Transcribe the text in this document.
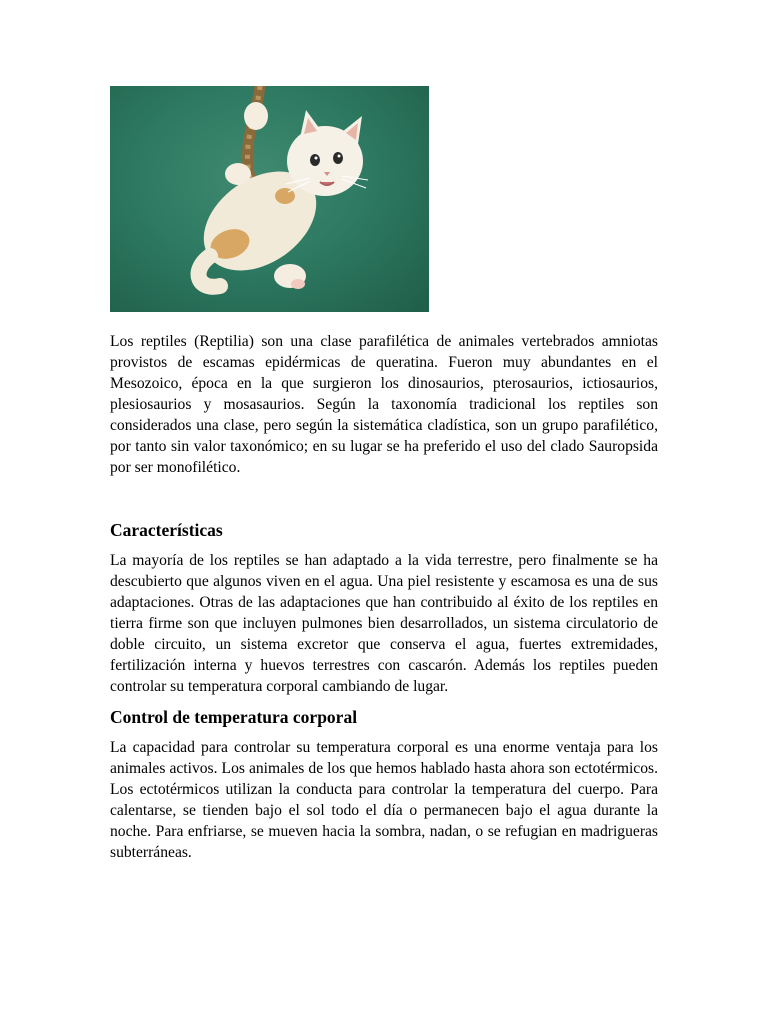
Los reptiles (Reptilia) son una clase parafilética de animales vertebrados amniotas provistos de escamas epidérmicas de queratina. Fueron muy abundantes en el Mesozoico, época en la que surgieron los dinosaurios, pterosaurios, ictiosaurios, plesiosaurios y mosasaurios. Según la taxonomía tradicional los reptiles son considerados una clase, pero según la sistemática cladística, son un grupo parafilético, por tanto sin valor taxonómico; en su lugar se ha preferido el uso del clado Sauropsida por ser monofilético.

Características

La mayoría de los reptiles se han adaptado a la vida terrestre, pero finalmente se ha descubierto que algunos viven en el agua. Una piel resistente y escamosa es una de sus adaptaciones. Otras de las adaptaciones que han contribuido al éxito de los reptiles en tierra firme son que incluyen pulmones bien desarrollados, un sistema circulatorio de doble circuito, un sistema excretor que conserva el agua, fuertes extremidades, fertilización interna y huevos terrestres con cascarón. Además los reptiles pueden controlar su temperatura corporal cambiando de lugar.

Control de temperatura corporal

La capacidad para controlar su temperatura corporal es una enorme ventaja para los animales activos. Los animales de los que hemos hablado hasta ahora son ectotérmicos. Los ectotérmicos utilizan la conducta para controlar la temperatura del cuerpo. Para calentarse, se tienden bajo el sol todo el día o permanecen bajo el agua durante la noche. Para enfriarse, se mueven hacia la sombra, nadan, o se refugian en madrigueras subterráneas.
